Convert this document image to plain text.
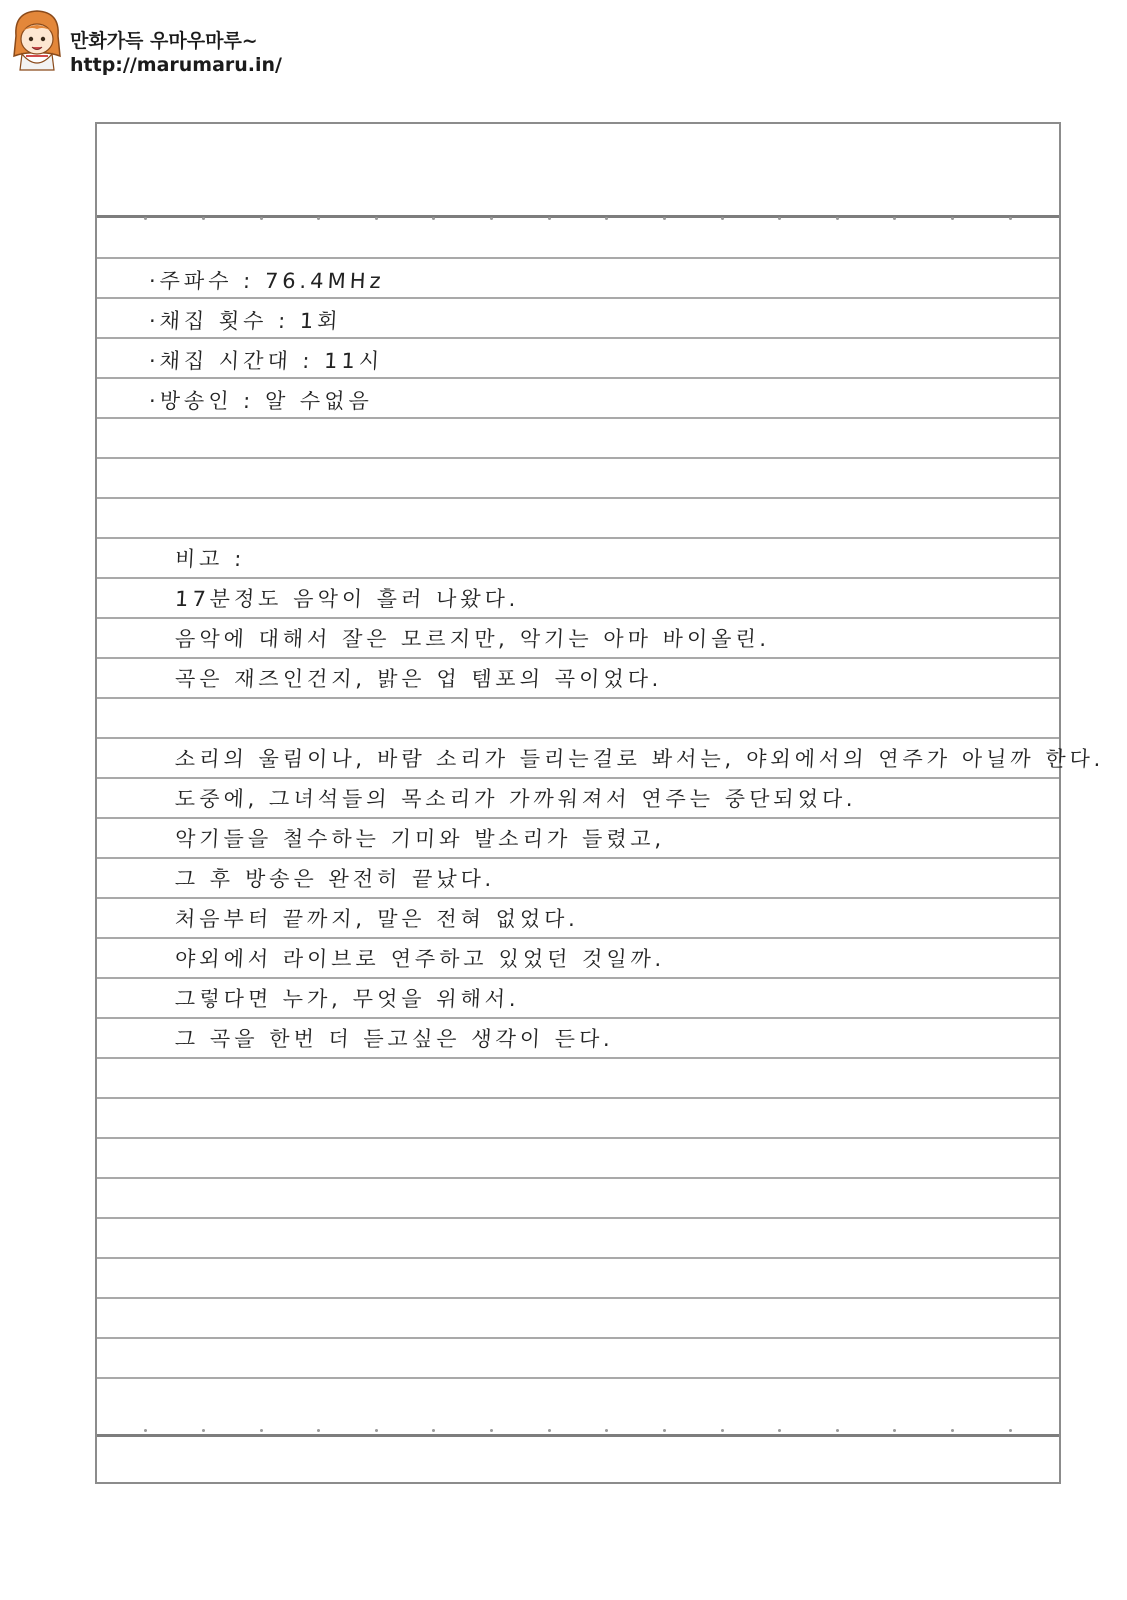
만화가득 우마우마루~
http://marumaru.in/
·주파수 : 76.4MHz
·채집 횟수 : 1회
·채집 시간대 : 11시
·방송인 : 알 수없음
비고 :
17분정도 음악이 흘러 나왔다.
음악에 대해서 잘은 모르지만, 악기는 아마 바이올린.
곡은 재즈인건지, 밝은 업 템포의 곡이었다.
소리의 울림이나, 바람 소리가 들리는걸로 봐서는, 야외에서의 연주가 아닐까 한다.
도중에, 그녀석들의 목소리가 가까워져서 연주는 중단되었다.
악기들을 철수하는 기미와 발소리가 들렸고,
그 후 방송은 완전히 끝났다.
처음부터 끝까지, 말은 전혀 없었다.
야외에서 라이브로 연주하고 있었던 것일까.
그렇다면 누가, 무엇을 위해서.
그 곡을 한번 더 듣고싶은 생각이 든다.
